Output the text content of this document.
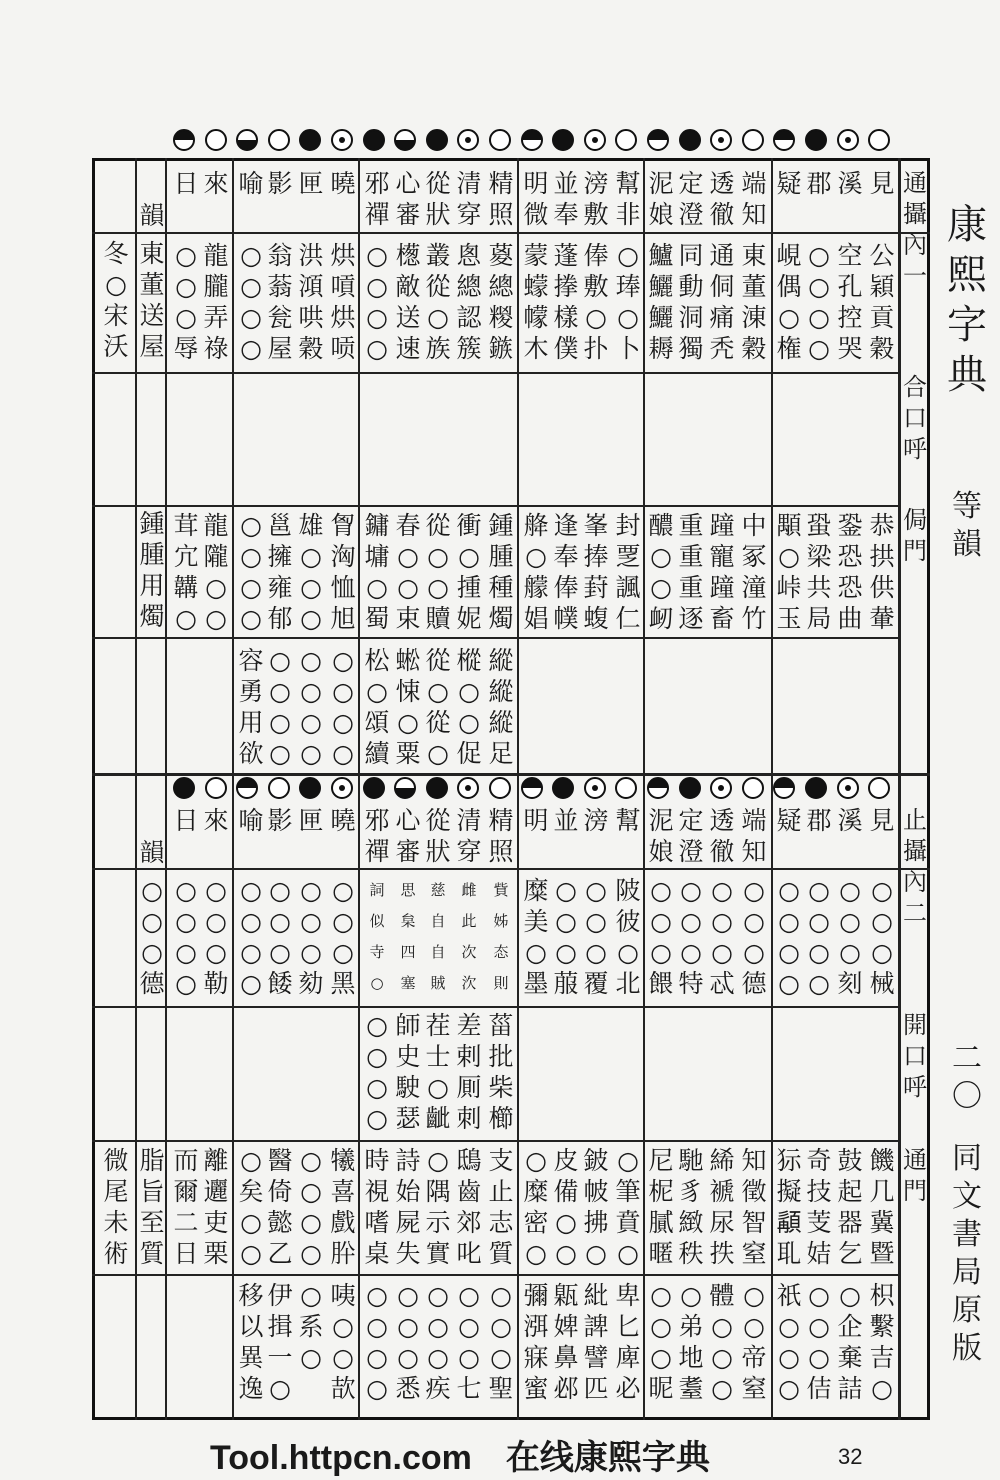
見
溪
郡
疑
端
知
透
徹
定
澄
泥
娘
幫
非
滂
敷
並
奉
明
微
精
照
清
穿
從
狀
心
審
邪
禪
曉
匣
影
喻
來
日
見
溪
郡
疑
端
知
透
徹
定
澄
泥
娘
幫
滂
並
明
精
照
清
穿
從
狀
心
審
邪
禪
曉
匣
影
喻
來
日
通
攝
內
一
合
口
呼
侷
門
止
攝
內
二
開
口
呼
通
門
韻
東
董
送
屋
冬
○
宋
沃
鍾
腫
用
燭
韻
○
○
○
德
微
尾
未
術
脂
旨
至
質
公
穎
貢
穀
空
孔
控
哭
○
○
○
○
峴
偶
○
権
東
董
涷
穀
通
侗
痛
秃
同
動
洞
獨
鱸
鱺
鱺
耨
○
琫
○
卜
俸
敷
○
扑
蓬
搼
樣
僕
蒙
蠓
幪
木
葼
總
糉
鏃
悤
總
認
簇
叢
從
○
族
檧
敵
送
速
○
○
○
○
烘
嗊
烘
唝
洪
澒
哄
穀
翁
蓊
瓮
屋
○
○
○
○
龍
朧
弄
祿
○
○
○
辱
恭
拱
供
輂
銎
恐
恐
曲
蛩
梁
共
局
顒
○
峠
玉
中
冢
潼
竹
蹱
寵
蹱
畜
重
重
重
逐
醲
○
○
衂
封
覂
諷
仁
峯
捧
葑
蝮
逢
奉
俸
幞
舽
○
艨
娼
鍾
腫
種
燭
衝
○
揰
妮
從
○
○
贖
春
○
○
束
鏞
墉
○
蜀
胷
洶
恤
旭
雄
○
○
○
邕
擁
雍
郁
○
○
○
○
龍
隴
○
○
茸
宂
韝
○
縱
縱
縱
足
樅
○
○
促
從
○
從
○
蜙
悚
○
粟
松
○
頌
續
○
○
○
○
○
○
○
○
○
○
○
○
容
勇
用
欲
○
○
○
○
○
○
○
勒
○
○
○
○
○
○
○
餧
○
○
○
劾
○
○
○
黑
糜
美
○
墨
○
○
○
菔
○
○
○
覆
陂
彼
○
北
○
○
○
餵
○
○
○
特
○
○
○
忒
○
○
○
德
○
○
○
○
○
○
○
○
○
○
○
刻
○
○
○
械
詞
似
寺
○
思
枲
四
塞
慈
自
自
賊
雌
此
次
㳄
貲
姊
态
則
○
○
○
○
師
史
駛
瑟
茬
士
○
齜
差
剌
厠
刺
菑
批
柴
櫛
而
爾
二
日
離
邐
吏
栗
○
矣
○
○
醫
倚
懿
乙
○
○
○
○
犧
喜
戲
肸
時
視
嗜
桌
詩
始
屍
失
○
隅
示
實
鴟
齒
郊
叱
支
止
志
質
○
糜
密
○
皮
備
○
○
鈹
帔
拂
○
○
筆
賁
○
尼
柅
膩
暱
馳
豸
緻
秩
絺
褫
尿
抶
知
徵
智
窒
狋
擬
𩓿
耴
奇
技
芰
姞
鼓
起
器
乞
饑
几
冀
暨
移
以
異
逸
伊
揖
一
○
○
系
○
咦
○
○
欯
○
○
○
○
○
○
○
悉
○
○
○
疾
○
○
○
七
○
○
○
聖
彌
渳
寐
蜜
甈
婢
鼻
邲
紕
諀
譬
匹
卑
匕
庳
必
○
○
○
昵
○
弟
地
耋
體
○
○
○
○
○
帝
窒
祇
○
○
○
○
○
○
佶
○
企
棄
詰
枳
繫
吉
○
康
熙
字
典
等
韻
二
〇
同
文
書
局
原
版
Tool.httpcn.com　在线康熙字典	32
